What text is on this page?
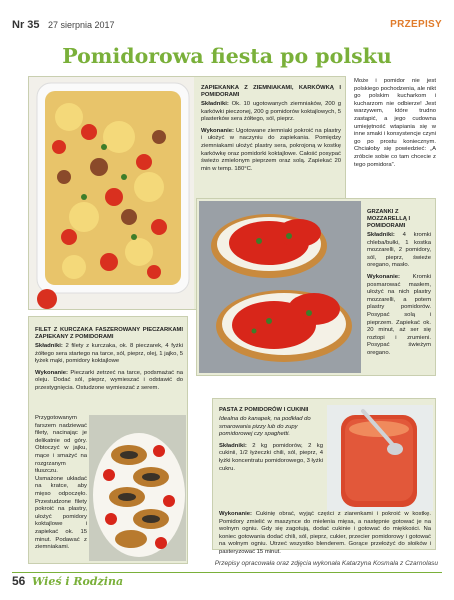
Nr 35 27 sierpnia 2017	PRZEPISY
Pomidorowa fiesta po polsku
ZAPIEKANKA Z ZIEMNIAKAMI, KARKÓWKĄ I POMIDORAMI

Składniki: Ok. 10 ugotowanych ziemniaków, 200 g karkówki pieczonej, 200 g pomidorów koktajlowych, 5 plasterków sera żółtego, sól, pieprz.

Wykonanie: Ugotowane ziemniaki pokroić na plastry i ułożyć w naczyniu do zapiekania. Pomiędzy ziemniakami ułożyć plastry sera, pokrojoną w kostkę karkówkę oraz pomidorki koktajlowe. Całość posypać świeżo zmielonym pieprzem oraz solą. Zapiekać 20 min w temp. 180°C.

Może i pomidor nie jest polskiego pochodzenia, ale nikt go polskim kucharkom i kucharzom nie odbierze! Jest warzywem, które trudno zastąpić, a jego cudowna umiejętność wtapiania się w inne smaki i konsystencje czyni go po prostu koniecznym. Chciałoby się powiedzieć: „A zróbcie sobie co tam chcecie z tego pomidora”.
GRZANKI Z MOZZARELLĄ I POMIDORAMI

Składniki: 4 kromki chleba/bułki, 1 kostka mozzarelli, 2 pomidory, sól, pieprz, świeże oregano, masło.

Wykonanie: Kromki posmarować masłem, ułożyć na nich plastry mozzarelli, a potem plastry pomidorów. Posypać solą i pieprzem. Zapiekać ok. 20 minut, aż ser się roztopi i zrumieni. Posypać świeżym oregano.

FILET Z KURCZAKA FASZEROWANY PIECZARKAMI ZAPIEKANY Z POMIDORAMI

Składniki: 2 filety z kurczaka, ok. 8 pieczarek, 4 fyżki żółtego sera startego na tarce, sól, pieprz, olej, 1 jajko, 5 łyżek mąki, pomidory koktajlowe

Wykonanie: Pieczarki zetrzeć na tarce, podsmażać na oleju. Dodać sól, pieprz, wymieszać i odstawić do przestygnięcia. Ostudzone wymieszać z serem.

Przygotowanym farszem nadziewać filety, nacinając je delikatnie od góry. Obtoczyć w jajku, mące i smażyć na rozgrzanym tłuszczu. Usmażone układać na kratce, aby mięso odpoczęło. Przestudzone filety pokroić na plastry, ułożyć pomidory koktajlowe i zapiekać ok. 15 minut. Podawać z ziemniakami.
PASTA Z POMIDORÓW I CUKINII

Idealna do kanapek, na podkład do smarowania pizzy lub do zupy pomidorowej czy spaghetti.

Składniki: 2 kg pomidorów, 2 kg cukinii, 1/2 łyżeczki chili, sól, pieprz, 4 łyżki koncentratu pomidorowego, 3 łyżki cukru.

Wykonanie: Cukinię obrać, wyjąć części z ziarenkami i pokroić w kostkę. Pomidory zmielić w maszynce do mielenia mięsa, a następnie gotować je na wolnym ogniu. Gdy się zagotują, dodać cukinie i gotować do miękkości. Na koniec gotowania dodać chili, sól, pieprz, cukier, przecier pomidorowy i gotować na wolnym ogniu. Utrzeć wszystko blenderem. Gorące przełożyć do słoików i pasteryzować 15 minut.
Przepisy opracowała oraz zdjęcia wykonała Katarzyna Kosmala z Czarnolasu
56 Wieś i Rodzina
